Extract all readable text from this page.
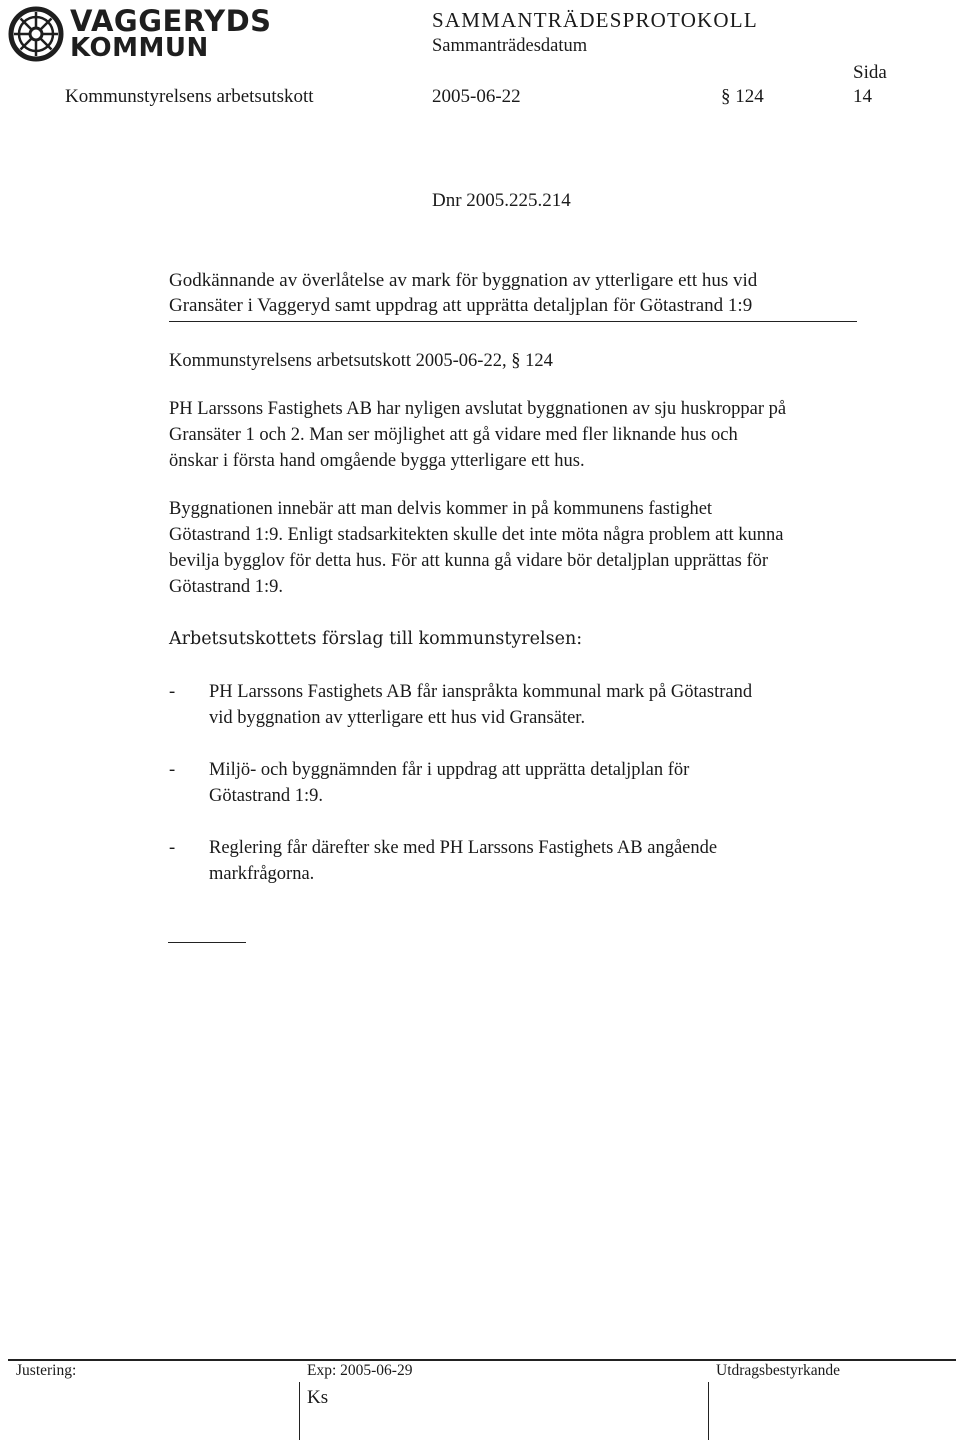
VAGGERYDS
KOMMUN
SAMMANTRÄDESPROTOKOLL
Sammanträdesdatum
Sida
Kommunstyrelsens arbetsutskott	2005-06-22	§ 124	14
Dnr 2005.225.214
Godkännande av överlåtelse av mark för byggnation av ytterligare ett hus vid
Gransäter i Vaggeryd samt uppdrag att upprätta detaljplan för Götastrand 1:9
Kommunstyrelsens arbetsutskott 2005-06-22, § 124
PH Larssons Fastighets AB har nyligen avslutat byggnationen av sju huskroppar på
Gransäter 1 och 2. Man ser möjlighet att gå vidare med fler liknande hus och
önskar i första hand omgående bygga ytterligare ett hus.
Byggnationen innebär att man delvis kommer in på kommunens fastighet
Götastrand 1:9. Enligt stadsarkitekten skulle det inte möta några problem att kunna
bevilja bygglov för detta hus. För att kunna gå vidare bör detaljplan upprättas för
Götastrand 1:9.
Arbetsutskottets förslag till kommunstyrelsen:
- PH Larssons Fastighets AB får ianspråkta kommunal mark på Götastrand
vid byggnation av ytterligare ett hus vid Gransäter.
- Miljö- och byggnämnden får i uppdrag att upprätta detaljplan för
Götastrand 1:9.
- Reglering får därefter ske med PH Larssons Fastighets AB angående
markfrågorna.
Justering:	Exp: 2005-06-29	Utdragsbestyrkande
Ks
